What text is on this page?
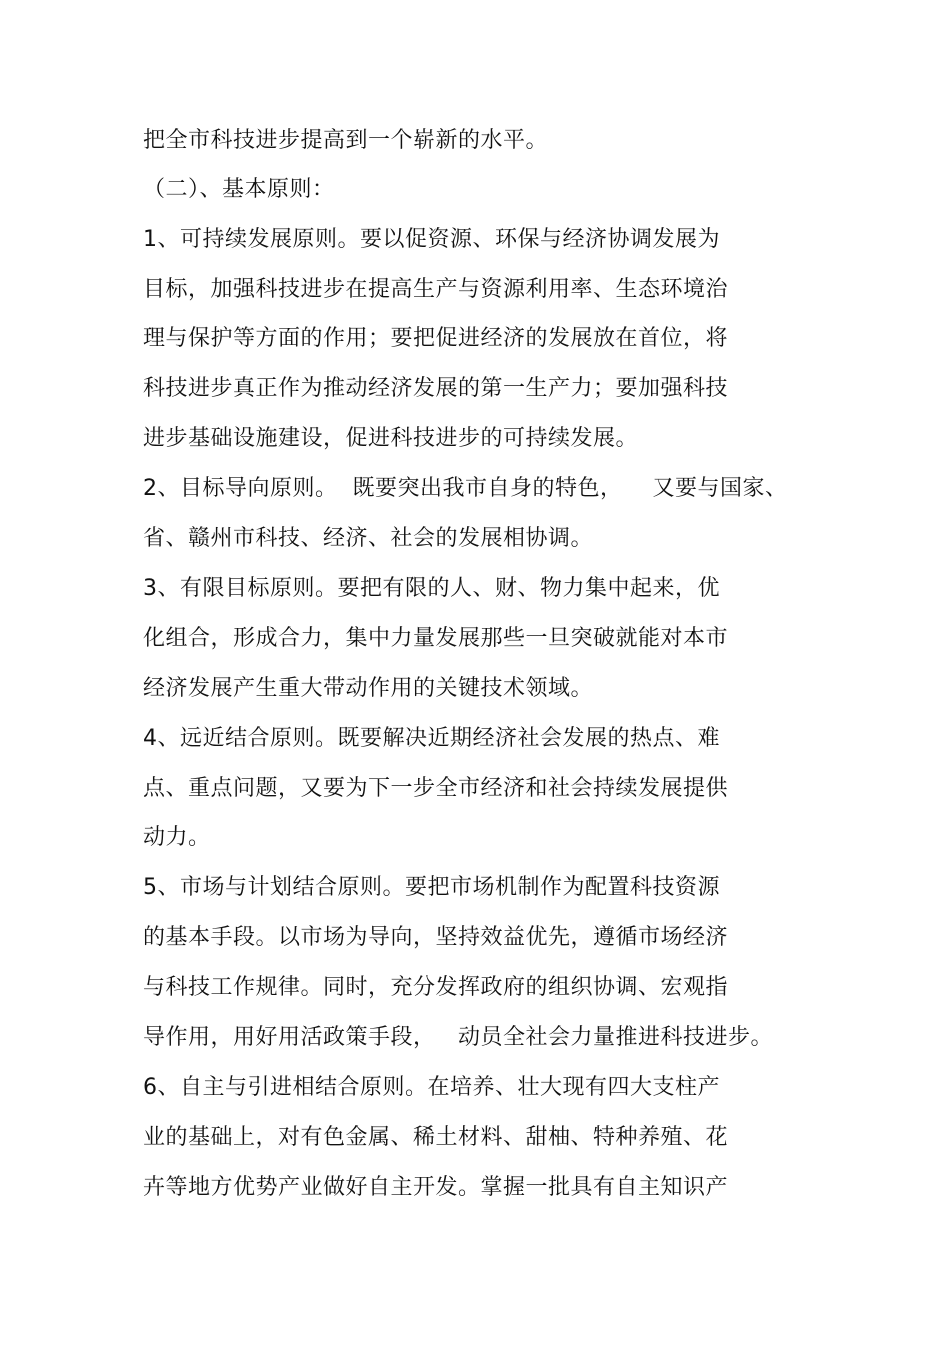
把全市科技进步提高到一个崭新的水平。
（二）、基本原则：
1、可持续发展原则。要以促资源、环保与经济协调发展为
目标，加强科技进步在提高生产与资源利用率、生态环境治
理与保护等方面的作用；要把促进经济的发展放在首位，将
科技进步真正作为推动经济发展的第一生产力；要加强科技
进步基础设施建设，促进科技进步的可持续发展。
2、目标导向原则。  既要突出我市自身的特色，    又要与国家、
省、赣州市科技、经济、社会的发展相协调。
3、有限目标原则。要把有限的人、财、物力集中起来，优
化组合，形成合力，集中力量发展那些一旦突破就能对本市
经济发展产生重大带动作用的关键技术领域。
4、远近结合原则。既要解决近期经济社会发展的热点、难
点、重点问题，又要为下一步全市经济和社会持续发展提供
动力。
5、市场与计划结合原则。要把市场机制作为配置科技资源
的基本手段。以市场为导向，坚持效益优先，遵循市场经济
与科技工作规律。同时，充分发挥政府的组织协调、宏观指
导作用，用好用活政策手段，   动员全社会力量推进科技进步。
6、自主与引进相结合原则。在培养、壮大现有四大支柱产
业的基础上，对有色金属、稀土材料、甜柚、特种养殖、花
卉等地方优势产业做好自主开发。掌握一批具有自主知识产
